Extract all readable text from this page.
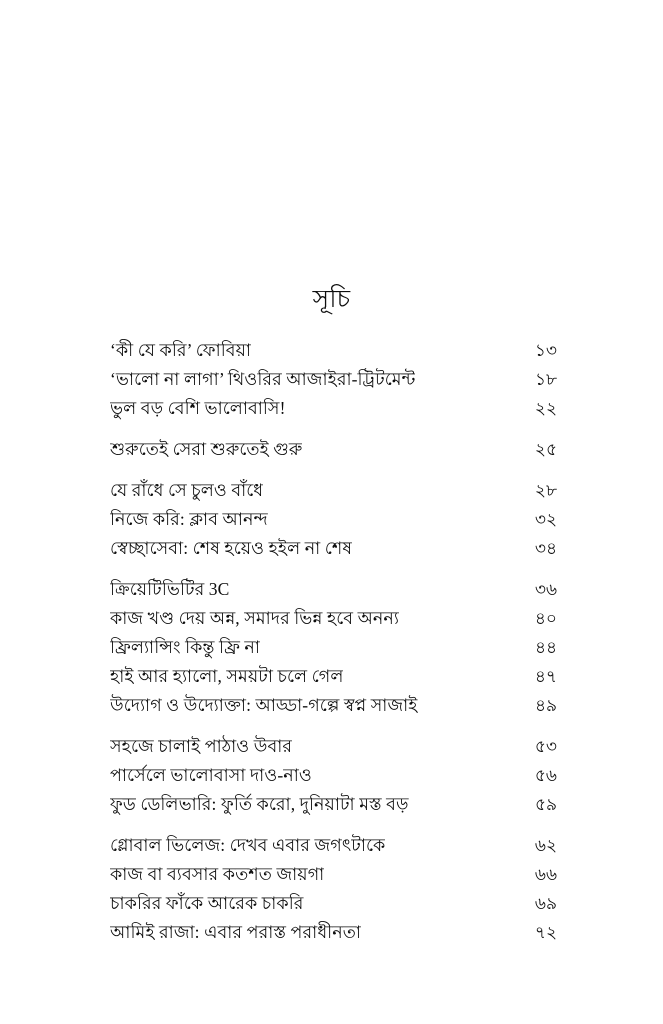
সূচি
‘কী যে করি’ ফোবিয়া	১৩
‘ভালো না লাগা’ থিওরির আজাইরা-ট্রিটমেন্ট	১৮
ভুল বড় বেশি ভালোবাসি!	২২
শুরুতেই সেরা শুরুতেই গুরু	২৫
যে রাঁধে সে চুলও বাঁধে	২৮
নিজে করি: ক্লাব আনন্দ	৩২
স্বেচ্ছাসেবা: শেষ হয়েও হইল না শেষ	৩৪
ক্রিয়েটিভিটির 3C	৩৬
কাজ খণ্ড দেয় অন্ন, সমাদর ভিন্ন হবে অনন্য	৪০
ফ্রিল্যান্সিং কিন্তু ফ্রি না	৪৪
হাই আর হ্যালো, সময়টা চলে গেল	৪৭
উদ্যোগ ও উদ্যোক্তা: আড্ডা-গল্পে স্বপ্ন সাজাই	৪৯
সহজে চালাই পাঠাও উবার	৫৩
পার্সেলে ভালোবাসা দাও-নাও	৫৬
ফুড ডেলিভারি: ফুর্তি করো, দুনিয়াটা মস্ত বড়	৫৯
গ্লোবাল ভিলেজ: দেখব এবার জগৎটাকে	৬২
কাজ বা ব্যবসার কতশত জায়গা	৬৬
চাকরির ফাঁকে আরেক চাকরি	৬৯
আমিই রাজা: এবার পরাস্ত পরাধীনতা	৭২
